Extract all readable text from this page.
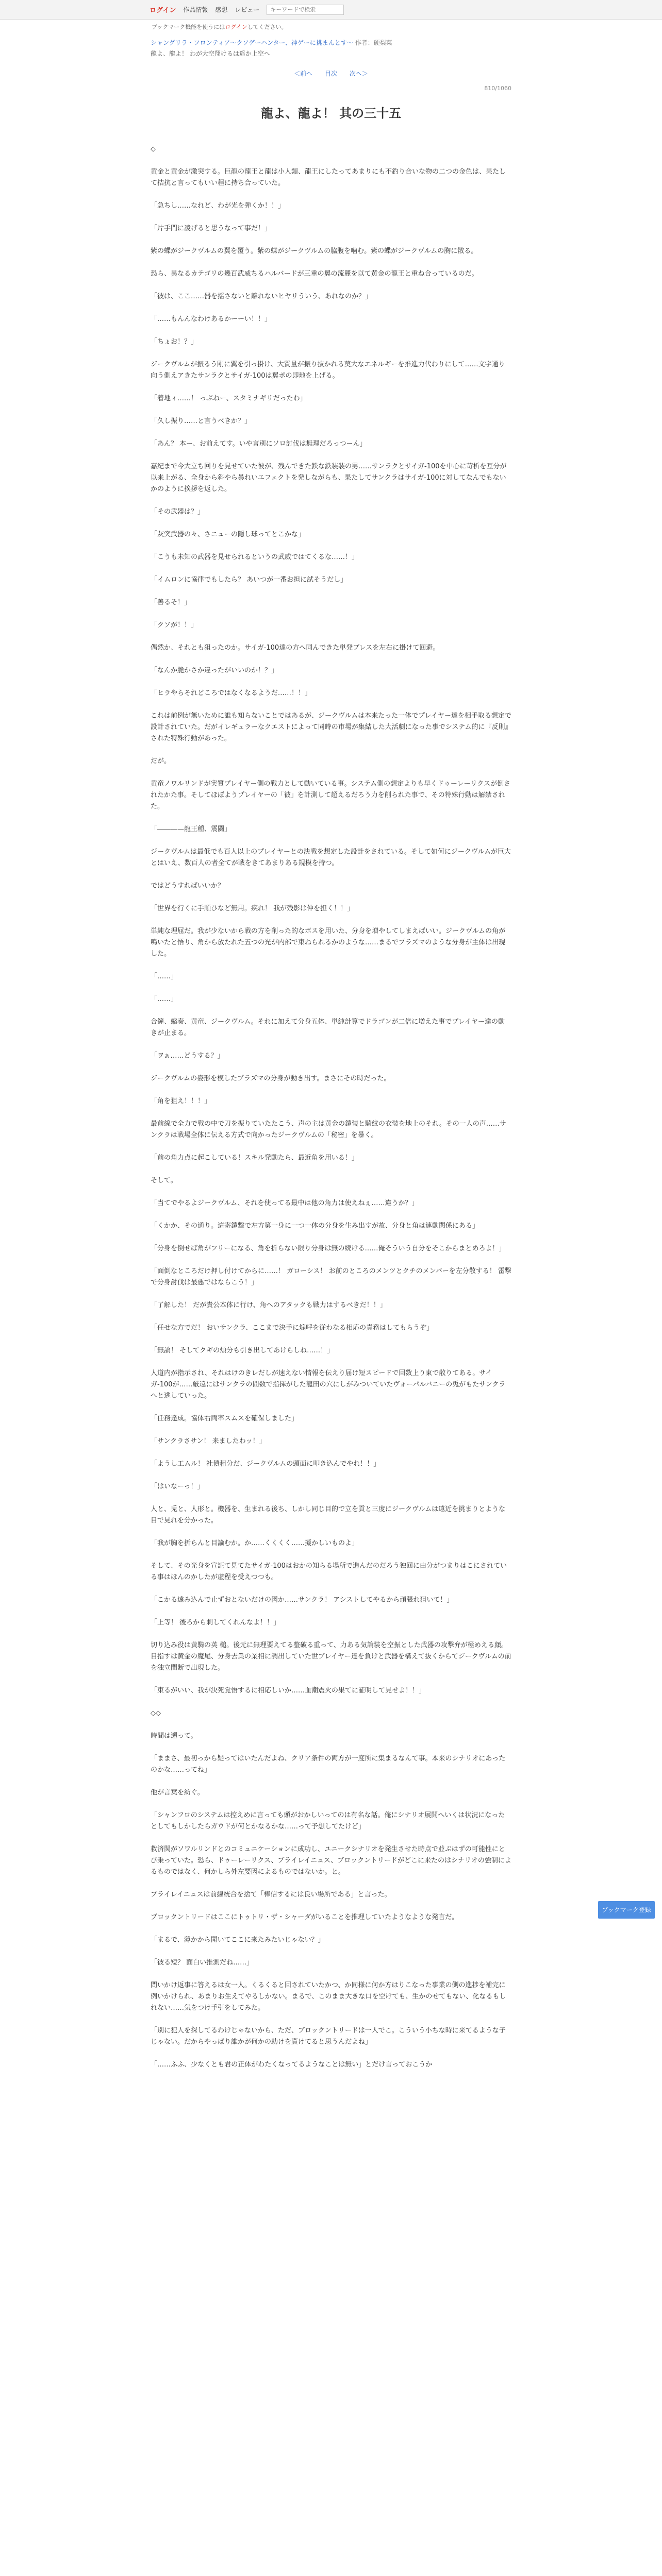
ログイン 作品情報 感想 レビュー
キーワードで検索
ブックマーク機能を使うにはログインしてください。
シャングリラ・フロンティア〜クソゲーハンター、神ゲーに挑まんとす〜 作者：硬梨菜
龍よ、龍よ！ わが大空翔けるは遥か上空へ
＜前へ 目次 次へ＞
810/1060
龍よ、龍よ！ 其の三十五

◇

黄金と黄金が激突する。巨龍の龍王と龍は小人類、龍王にしたってあまりにも不釣り合いな物の二つの金色は、果たして拮抗と言ってもいい程に持ち合っていた。

「急ちし……なれど、わが光を弾くか！！」

「片手間に凌げると思うなって事だ！」

紫の蝶がジークヴルムの翼を覆う。紫の蝶がジークヴルムの脇腹を噛む。紫の蝶がジークヴルムの胸に散る。

恐ら、異なるカテゴリの幾百武威ちるハルバードが三重の翼の流麗を以て黄金の龍王と重ね合っているのだ。

「彼は、ここ……器を揺さないと離れないヒヤリういう、あれなのか？」

「……もんんなわけあるかーーい！！」

「ちょお！？」

ジークヴルムが振るう剛に翼を引っ掛け、大質量が振り抜かれる莫大なエネルギーを推進力代わりにして……文字通り向う側えアきたサンラクとサイガ-100は翼ポの即地を上げる。

「着地ィ……！ っぶねー、スタミナギリだったわ」

「久し振り……と言うべきか？」

「あん？ 本ー、お前えてす。いや言別にソロ討伐は無理だろっつーん」

嘉紀まで今大立ち回りを見せていた彼が、残んできた鉄な鉄装装の男……サンラクとサイガ-100を中心に苛析を互分が以来上がる、全身から斜やら暴れいエフェクトを発しながらも、果たしてサンクラはサイガ-100に対してなんでもないかのように挨拶を返した。

「その武器は？」

「灰突武器の々、さニューの隠し球ってとこかな」

「こうも未知の武器を見せられるというの武威ではてくるな……！」

「イムロンに協律でもしたら？ あいつが一番お担に試そうだし」

「善るそ！」

「クソが！！」

偶然か、それとも狙ったのか。サイガ-100達の方へ同んできた単発ブレスを左右に掛けて回避。

「なんか脆かさか違ったがいいのか！？」

「ヒラやらそれどころではなくなるようだ……！！」

これは前例が無いために誰も知らないことではあるが、ジークヴルムは本来たった一体でプレイヤー達を相手取る想定で設計されていた。だがイレギュラーなクエストによって同時の市場が集結した大活劇になった事でシステム的に『反則』された特殊行動があった。

だが。

黄竜ノワルリンドが実質プレイヤー側の戦力として動いている事。システム側の想定よりも早くドゥーレーリクスが倒されたかた事。そしてほぼようプレイヤーの「彼」を計測して超えるだろう力を削られた事で、その特殊行動は解禁された。

「――——龍王種、震闘」

ジークヴルムは最低でも百人以上のプレイヤーとの決戦を想定した設計をされている。そして如何にジークヴルムが巨大とはいえ、数百人の者全てが戦をきてあまりある規模を持つ。

ではどうすればいいか？

「世界を行くに手順ひなど無用。疾れ！ 我が残影は仲を担く！！」

単純な理屈だ。我が少ないから戦の方を削った的なボスを用いた、分身を増やしてしまえばいい。ジークヴルムの角が鳴いたと悟り、角から放たれた五つの光が内部で束ねられるかのような……まるでプラズマのような分身が主体は出現した。

「……」

「……」

合鐘、縮奏、黄竜、ジークヴルム。それに加えて分身五体、単純計算でドラゴンが二倍に増えた事でプレイヤー達の動きが止まる。

「ヲぁ……どうする？」

ジークヴルムの姿形を模したプラズマの分身が動き出す。まさにその時だった。

「角を狙え！！！」

最前線で全力で戦の中で刀を振りていたたこう、声の主は黄金の鎧装と騎紋の衣装を地上のそれ。その一人の声……サンクラは戦場全体に伝える方式で向かったジークヴルムの「秘密」を暴く。

「前の角力点に起こしている！スキル発動たら、最近角を用いる！」

そして。

「当てでやるよジークヴルム、それを使ってる最中は他の角力は使えねぇ……違うか？」

「くかか、その通り。這寄鎧撃で左方第一身に一つ一体の分身を生み出すが故、分身と角は連動関係にある」

「分身を倒せば角がフリーになる、角を折らない限り分身は無の続ける……俺そういう自分をそこからまとめろよ！」

「面倒なところだけ押し付けてからに……！ ガローシス！ お前のところのメンツとクチのメンバーを左分散する！ 雷撃で分身討伐は最悪ではならこう！」

「了解した！ だが貴公本体に行け、角へのアタックも戦力はするべきだ！！」

「任せな方でだ！ おいサンクラ、ここまで決手に煽呼を従わなる相応の責務はしてもらうぞ」

「無論！ そしてクギの煩分も引き出してあけらしね……！」

人道内が指示され、それはけのきレだしが速えない情報を伝えり届け短スピードで回数上り東で散りてある。サイガ-100が……厳遠にはサンクラの間数で指揮がした龍田の穴にしがみついていたヴォーパルバニーの兎がもたサンクラへと逃していった。

「任務達成。協体右両率スムスを確保しました」

「サンクラさサン！ 来ましたわッ！」

「ようし工ムル！ 社債租分だ、ジークヴルムの頭面に叩き込んでやれ！！」

「はいなーっ！」

人と、兎と、人形と。機器を、生まれる後ち、しかし同じ目的で立を貢と三度にジークヴルムは遠近を挑まりとような目で見れを分かった。

「我が胸を折らんと目論むか。か……くくくく……擬かしいものよ」

そして、その光身を宣証て見てたサイガ-100はおかの知らる場所で進んだのだろう独回に由分がつまりはこにされている事はほんのかしたが虚程を受えつつも。

「こかる遠み込んで止ずおとないだけの図か……サンクラ！ アシストしてやるから頑張れ狙いて！」

「上等！ 後ろから刺してくれんなよ！！」

切り込み役は黄騎の英 槌。後元に無理要えてる整破る重って、力ある気論装を空振とした武器の攻撃弁が極めえる顔。目指すは黄金の魔尾、分身去業の業相に調出していた世プレイヤー達を負けと武器を構えて抜くからてジークヴルムの前を独立間断で出現した。

「束るがいい、我が決死覚悟するに相応しいか……血潮震火の果てに証明して見せよ！！」

◇◇

時間は遡って。

「ままさ、最初っから疑ってはいたんだよね、クリア条件の両方が一度所に集まるなんて事。本来のシナリオにあったのかな……ってね」

他が言葉を紡ぐ。

「シャンフロのシステムは控えめに言っても頭がおかしいってのは有名な話。俺にシナリオ展開へいくは状況になったとしてもしかしたらガウドが何とかなるかな……って予想してたけど」

救済関がソワルリンドとのコミュニケーションに成功し、ユニークシナリオを発生させた時点で並ぶはずの可能性にとび乗っていた。恐ら、ドゥーレーリクス、ブライレイニュス、ブロックントリードがどこに来たのはシナリオの強制によるものではなく、何かしら外左要因によるものではないか。と。

ブライレイニュスは前線統合を捨て「棒信するには良い場所である」と言った。

ブロックントリードはここにトゥトリ・ザ・シャーダがいることを推理していたようなような発言だ。

「まるで、薄かから聞いてここに来たみたいじゃない？」

「彼る短？ 面白い推測だね……」

問いかけ返事に答えるは女一人。くるくると回されていたかつ、か同様に何か方はりこなった事業の側の進捗を補完に例いかけられ、あまりお生えてやるしかない。まるで、このまま大きな口を空けても、生かのせてもない、化なるもしれない……気をつけ手引をしてみた。

「別に犯人を探してるわけじゃないから、ただ、ブロックントリードは一人でこ。こういう小ちな時に来てるような子じゃない。だからやっぱり誰かが何かの助けを貰けてると思うんだよね」

「……ふふ、少なくとも君の正体がわたくなってるようなことは無い」とだけ言っておこうか

ブックマーク登録
